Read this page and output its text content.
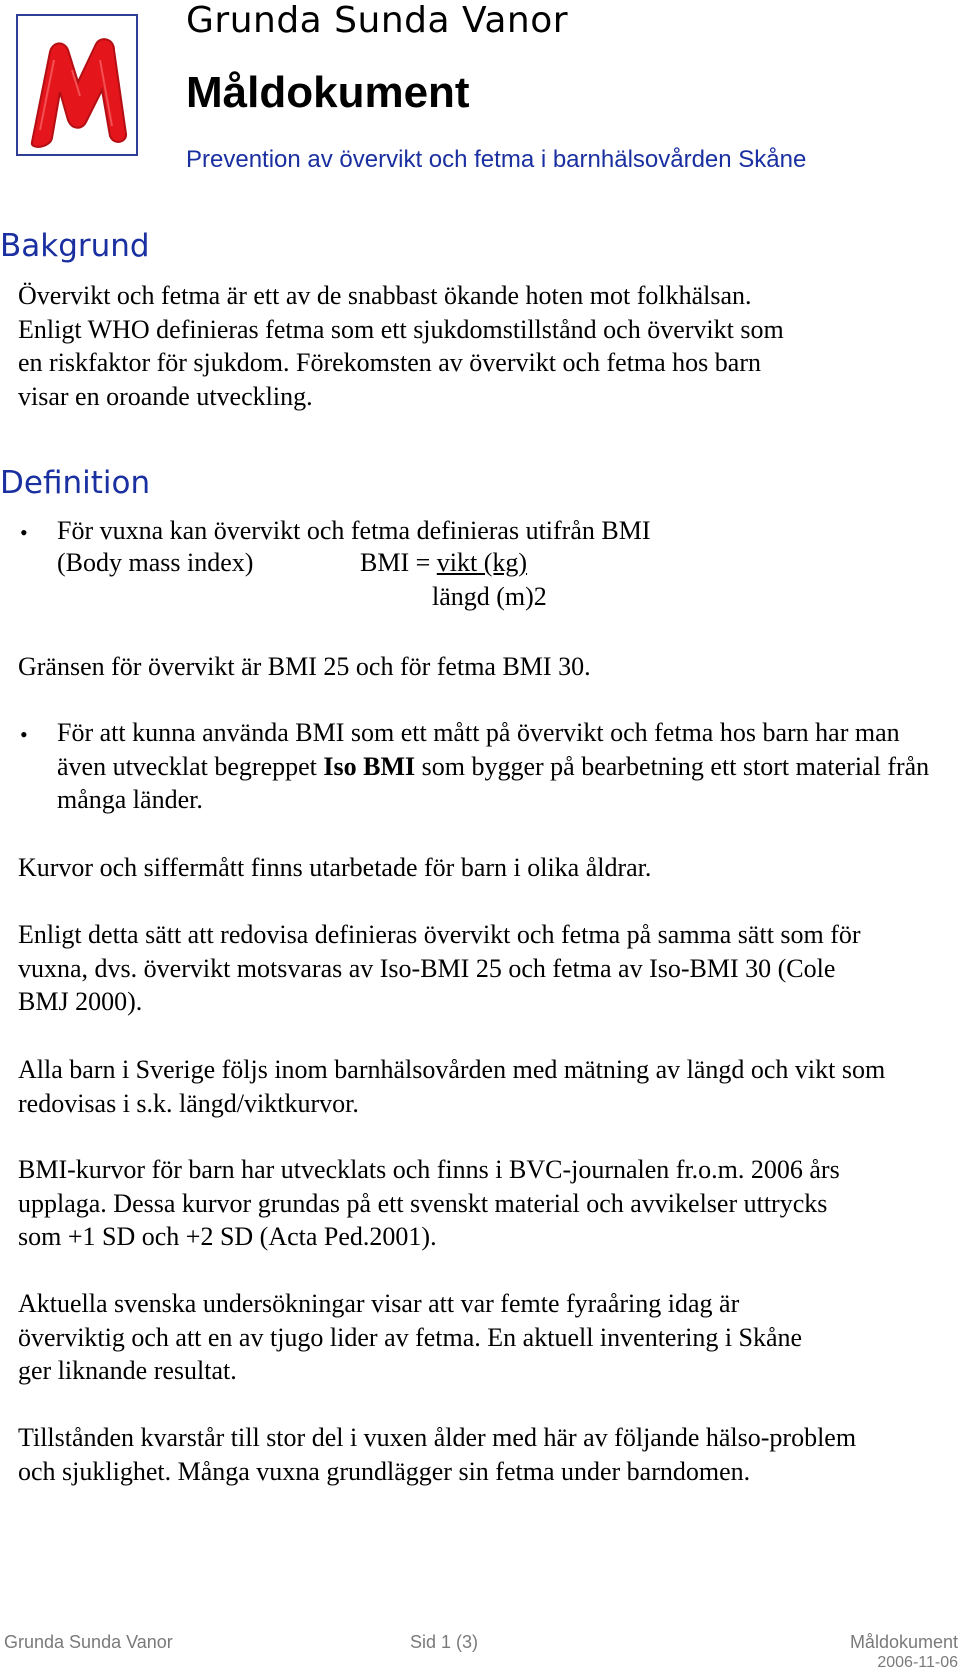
Grunda Sunda Vanor
Måldokument
Prevention av övervikt och fetma i barnhälsovården Skåne
Bakgrund
Övervikt och fetma är ett av de snabbast ökande hoten mot folkhälsan.
Enligt WHO definieras fetma som ett sjukdomstillstånd och övervikt som
en riskfaktor för sjukdom. Förekomsten av övervikt och fetma hos barn
visar en oroande utveckling.
Definition
• För vuxna kan övervikt och fetma definieras utifrån BMI
(Body mass index)	BMI = vikt (kg)
längd (m)2
Gränsen för övervikt är BMI 25 och för fetma BMI 30.
• För att kunna använda BMI som ett mått på övervikt och fetma hos barn har man även utvecklat begreppet Iso BMI som bygger på bearbetning ett stort material från många länder.

Kurvor och siffermått finns utarbetade för barn i olika åldrar.

Enligt detta sätt att redovisa definieras övervikt och fetma på samma sätt som för vuxna, dvs. övervikt motsvaras av Iso-BMI 25 och fetma av Iso-BMI 30 (Cole BMJ 2000).

Alla barn i Sverige följs inom barnhälsovården med mätning av längd och vikt som redovisas i s.k. längd/viktkurvor.

BMI-kurvor för barn har utvecklats och finns i BVC-journalen fr.o.m. 2006 års upplaga. Dessa kurvor grundas på ett svenskt material och avvikelser uttrycks som +1 SD och +2 SD (Acta Ped.2001).

Aktuella svenska undersökningar visar att var femte fyraåring idag är överviktig och att en av tjugo lider av fetma. En aktuell inventering i Skåne ger liknande resultat.

Tillstånden kvarstår till stor del i vuxen ålder med här av följande hälso-problem och sjuklighet. Många vuxna grundlägger sin fetma under barndomen.

Grunda Sunda Vanor	Sid 1 (3)	Måldokument
2006-11-06
